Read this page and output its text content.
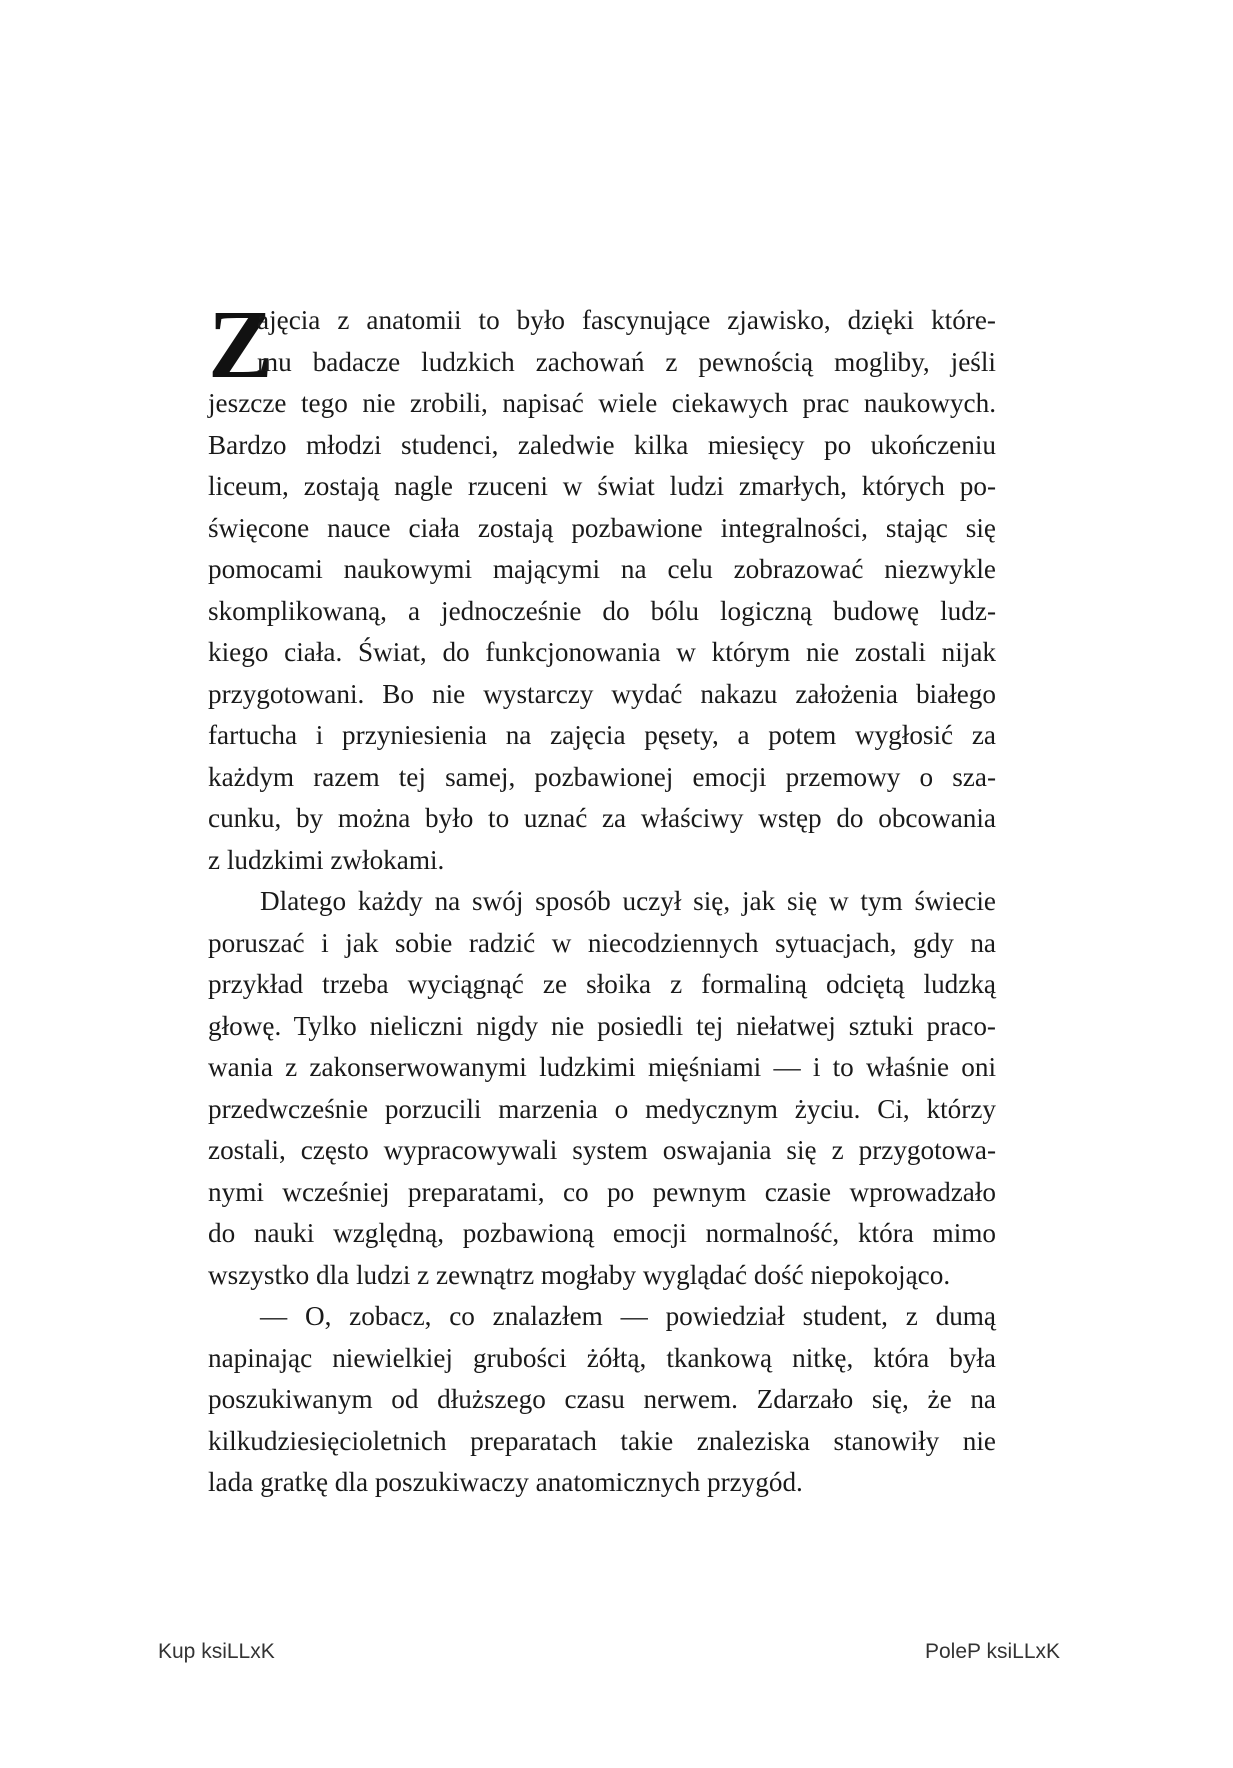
Z
ajęcia z anatomii to było fascynujące zjawisko, dzięki które-
mu badacze ludzkich zachowań z pewnością mogliby, jeśli
jeszcze tego nie zrobili, napisać wiele ciekawych prac naukowych.
Bardzo młodzi studenci, zaledwie kilka miesięcy po ukończeniu
liceum, zostają nagle rzuceni w świat ludzi zmarłych, których po-
święcone nauce ciała zostają pozbawione integralności, stając się
pomocami naukowymi mającymi na celu zobrazować niezwykle
skomplikowaną, a jednocześnie do bólu logiczną budowę ludz-
kiego ciała. Świat, do funkcjonowania w którym nie zostali nijak
przygotowani. Bo nie wystarczy wydać nakazu założenia białego
fartucha i przyniesienia na zajęcia pęsety, a potem wygłosić za
każdym razem tej samej, pozbawionej emocji przemowy o sza-
cunku, by można było to uznać za właściwy wstęp do obcowania
z ludzkimi zwłokami.
Dlatego każdy na swój sposób uczył się, jak się w tym świecie
poruszać i jak sobie radzić w niecodziennych sytuacjach, gdy na
przykład trzeba wyciągnąć ze słoika z formaliną odciętą ludzką
głowę. Tylko nieliczni nigdy nie posiedli tej niełatwej sztuki praco-
wania z zakonserwowanymi ludzkimi mięśniami — i to właśnie oni
przedwcześnie porzucili marzenia o medycznym życiu. Ci, którzy
zostali, często wypracowywali system oswajania się z przygotowa-
nymi wcześniej preparatami, co po pewnym czasie wprowadzało
do nauki względną, pozbawioną emocji normalność, która mimo
wszystko dla ludzi z zewnątrz mogłaby wyglądać dość niepokojąco.
— O, zobacz, co znalazłem — powiedział student, z dumą
napinając niewielkiej grubości żółtą, tkankową nitkę, która była
poszukiwanym od dłuższego czasu nerwem. Zdarzało się, że na
kilkudziesięcioletnich preparatach takie znaleziska stanowiły nie
lada gratkę dla poszukiwaczy anatomicznych przygód.
Kup ksiLLxK	PoleP ksiLLxK
